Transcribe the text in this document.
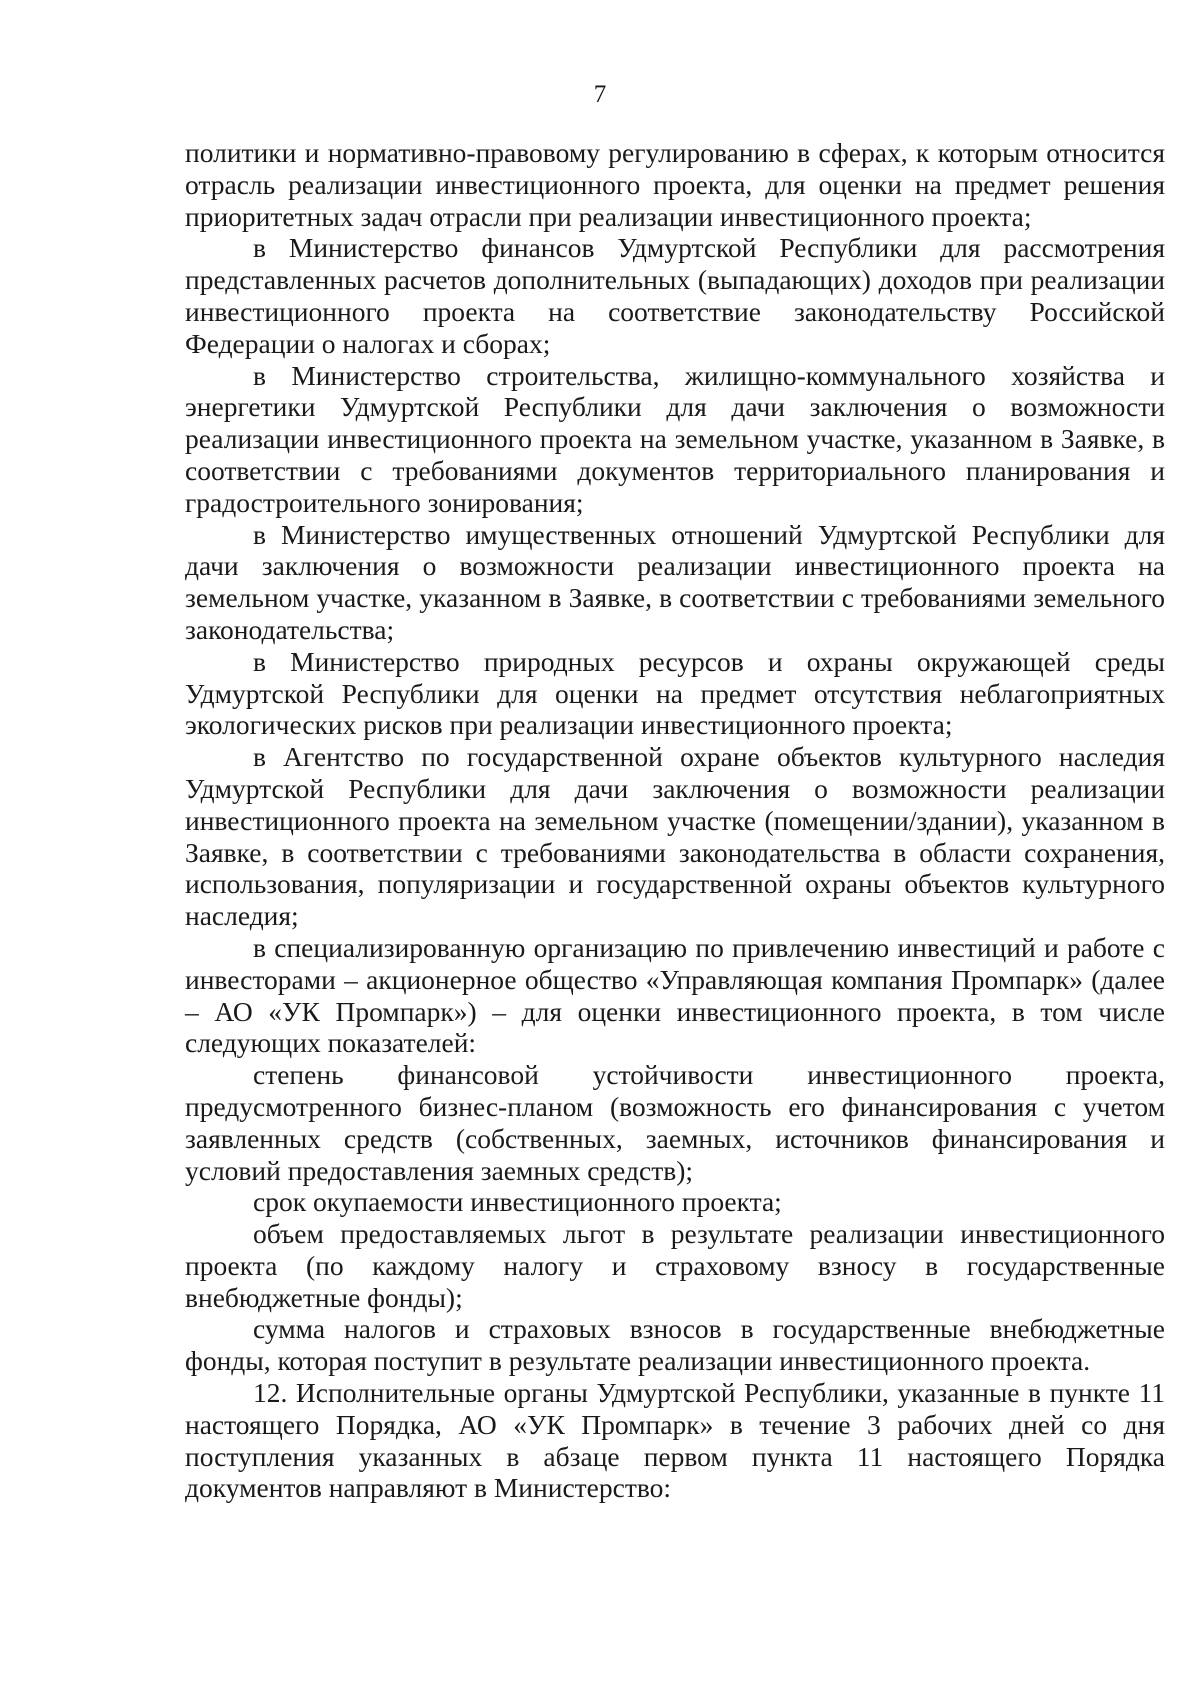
7

политики и нормативно-правовому регулированию в сферах, к которым относится отрасль реализации инвестиционного проекта, для оценки на предмет решения приоритетных задач отрасли при реализации инвестиционного проекта;

в Министерство финансов Удмуртской Республики для рассмотрения представленных расчетов дополнительных (выпадающих) доходов при реализации инвестиционного проекта на соответствие законодательству Российской Федерации о налогах и сборах;

в Министерство строительства, жилищно-коммунального хозяйства и энергетики Удмуртской Республики для дачи заключения о возможности реализации инвестиционного проекта на земельном участке, указанном в Заявке, в соответствии с требованиями документов территориального планирования и градостроительного зонирования;

в Министерство имущественных отношений Удмуртской Республики для дачи заключения о возможности реализации инвестиционного проекта на земельном участке, указанном в Заявке, в соответствии с требованиями земельного законодательства;

в Министерство природных ресурсов и охраны окружающей среды Удмуртской Республики для оценки на предмет отсутствия неблагоприятных экологических рисков при реализации инвестиционного проекта;

в Агентство по государственной охране объектов культурного наследия Удмуртской Республики для дачи заключения о возможности реализации инвестиционного проекта на земельном участке (помещении/здании), указанном в Заявке, в соответствии с требованиями законодательства в области сохранения, использования, популяризации и государственной охраны объектов культурного наследия;

в специализированную организацию по привлечению инвестиций и работе с инвесторами – акционерное общество «Управляющая компания Промпарк» (далее – АО «УК Промпарк») – для оценки инвестиционного проекта, в том числе следующих показателей:

степень финансовой устойчивости инвестиционного проекта, предусмотренного бизнес-планом (возможность его финансирования с учетом заявленных средств (собственных, заемных, источников финансирования и условий предоставления заемных средств);

срок окупаемости инвестиционного проекта;

объем предоставляемых льгот в результате реализации инвестиционного проекта (по каждому налогу и страховому взносу в государственные внебюджетные фонды);

сумма налогов и страховых взносов в государственные внебюджетные фонды, которая поступит в результате реализации инвестиционного проекта.

12. Исполнительные органы Удмуртской Республики, указанные в пункте 11 настоящего Порядка, АО «УК Промпарк» в течение 3 рабочих дней со дня поступления указанных в абзаце первом пункта 11 настоящего Порядка документов направляют в Министерство:
